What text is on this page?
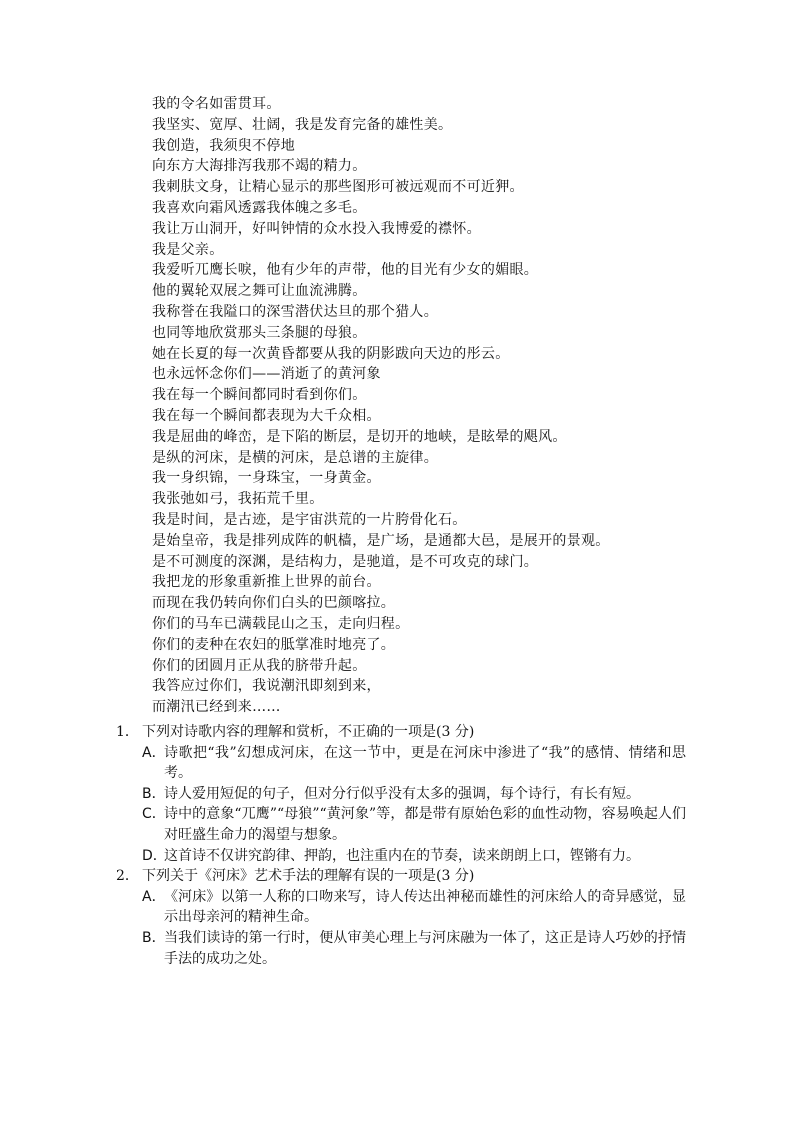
我的令名如雷贯耳。
我坚实、宽厚、壮阔，我是发育完备的雄性美。
我创造，我须臾不停地
向东方大海排泻我那不竭的精力。
我刺肤文身，让精心显示的那些图形可被远观而不可近狎。
我喜欢向霜风透露我体魄之多毛。
我让万山洞开，好叫钟情的众水投入我博爱的襟怀。
我是父亲。
我爱听兀鹰长唳，他有少年的声带，他的目光有少女的媚眼。
他的翼轮双展之舞可让血流沸腾。
我称誉在我隘口的深雪潜伏达旦的那个猎人。
也同等地欣赏那头三条腿的母狼。
她在长夏的每一次黄昏都要从我的阴影跋向天边的彤云。
也永远怀念你们——消逝了的黄河象
我在每一个瞬间都同时看到你们。
我在每一个瞬间都表现为大千众相。
我是屈曲的峰峦，是下陷的断层，是切开的地峡，是眩晕的飓风。
是纵的河床，是横的河床，是总谱的主旋律。
我一身织锦，一身珠宝，一身黄金。
我张弛如弓，我拓荒千里。
我是时间，是古迹，是宇宙洪荒的一片胯骨化石。
是始皇帝，我是排列成阵的帆樯，是广场，是通都大邑，是展开的景观。
是不可测度的深渊，是结构力，是驰道，是不可攻克的球门。
我把龙的形象重新推上世界的前台。
而现在我仍转向你们白头的巴颜喀拉。
你们的马车已满载昆山之玉，走向归程。
你们的麦种在农妇的胝掌准时地亮了。
你们的团圆月正从我的脐带升起。
我答应过你们，我说潮汛即刻到来，
而潮汛已经到来……
1． 下列对诗歌内容的理解和赏析，不正确的一项是(3 分)
A．
诗歌把“我”幻想成河床，在这一节中，更是在河床中渗进了“我”的感情、情绪和思考。
B．
诗人爱用短促的句子，但对分行似乎没有太多的强调，每个诗行，有长有短。
C．
诗中的意象“兀鹰”“母狼”“黄河象”等，都是带有原始色彩的血性动物，容易唤起人们对旺盛生命力的渴望与想象。
D．
这首诗不仅讲究韵律、押韵，也注重内在的节奏，读来朗朗上口，铿锵有力。
2． 下列关于《河床》艺术手法的理解有误的一项是(3 分)
A．
《河床》以第一人称的口吻来写，诗人传达出神秘而雄性的河床给人的奇异感觉，显示出母亲河的精神生命。
B．
当我们读诗的第一行时，便从审美心理上与河床融为一体了，这正是诗人巧妙的抒情手法的成功之处。
